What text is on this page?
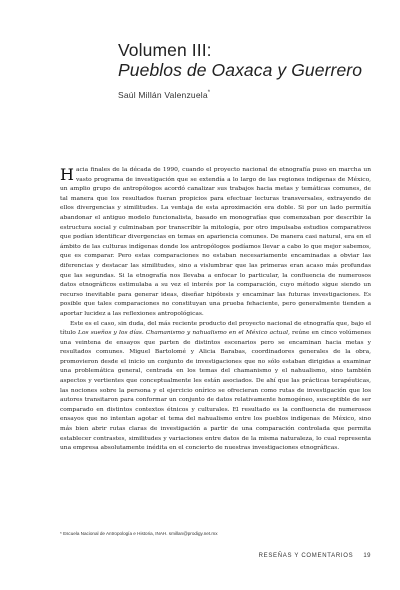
Volumen III:
Pueblos de Oaxaca y Guerrero
Saúl Millán Valenzuela*

Hacia finales de la década de 1990, cuando el proyecto nacional de etnografía puso en marcha un vasto programa de investigación que se extendía a lo largo de las regiones indígenas de México, un amplio grupo de antropólogos acordó canalizar sus trabajos hacia metas y temáticas comunes, de tal manera que los resultados fueran propicios para efectuar lecturas transversales, extrayendo de ellos divergencias y similitudes. La ventaja de esta aproximación era doble. Si por un lado permitía abandonar el antiguo modelo funcionalista, basado en monografías que comenzaban por describir la estructura social y culminaban por transcribir la mitología, por otro impulsaba estudios comparativos que podían identificar divergencias en temas en apariencia comunes. De manera casi natural, era en el ámbito de las culturas indígenas donde los antropólogos podíamos llevar a cabo lo que mejor sabemos, que es comparar. Pero estas comparaciones no estaban necesariamente encaminadas a obviar las diferencias y destacar las similitudes, sino a vislumbrar que las primeras eran acaso más profundas que las segundas. Si la etnografía nos llevaba a enfocar lo particular, la confluencia de numerosos datos etnográficos estimulaba a su vez el interés por la comparación, cuyo método sigue siendo un recurso inevitable para generar ideas, diseñar hipótesis y encaminar las futuras investigaciones. Es posible que tales comparaciones no constituyan una prueba fehaciente, pero generalmente tienden a aportar lucidez a las reflexiones antropológicas.

Este es el caso, sin duda, del más reciente producto del proyecto nacional de etnografía que, bajo el título Los sueños y los días. Chamanismo y nahualismo en el México actual, reúne en cinco volúmenes una veintena de ensayos que parten de distintos escenarios pero se encaminan hacia metas y resultados comunes. Miguel Bartolomé y Alicia Barabas, coordinadores generales de la obra, promovieron desde el inicio un conjunto de investigaciones que no sólo estaban dirigidas a examinar una problemática general, centrada en los temas del chamanismo y el nahualismo, sino también aspectos y vertientes que conceptualmente les están asociados. De ahí que las prácticas terapéuticas, las nociones sobre la persona y el ejercicio onírico se ofrecieran como rutas de investigación que los autores transitaron para conformar un conjunto de datos relativamente homogéneo, susceptible de ser comparado en distintos contextos étnicos y culturales. El resultado es la confluencia de numerosos ensayos que no intentan agotar el tema del nahualismo entre los pueblos indígenas de México, sino más bien abrir rutas claras de investigación a partir de una comparación controlada que permita establecer contrastes, similitudes y variaciones entre datos de la misma naturaleza, lo cual representa una empresa absolutamente inédita en el concierto de nuestras investigaciones etnográficas.

* Escuela Nacional de Antropología e Historia, INAH. smillan@prodigy.net.mx
RESEÑAS Y COMENTARIOS 19
